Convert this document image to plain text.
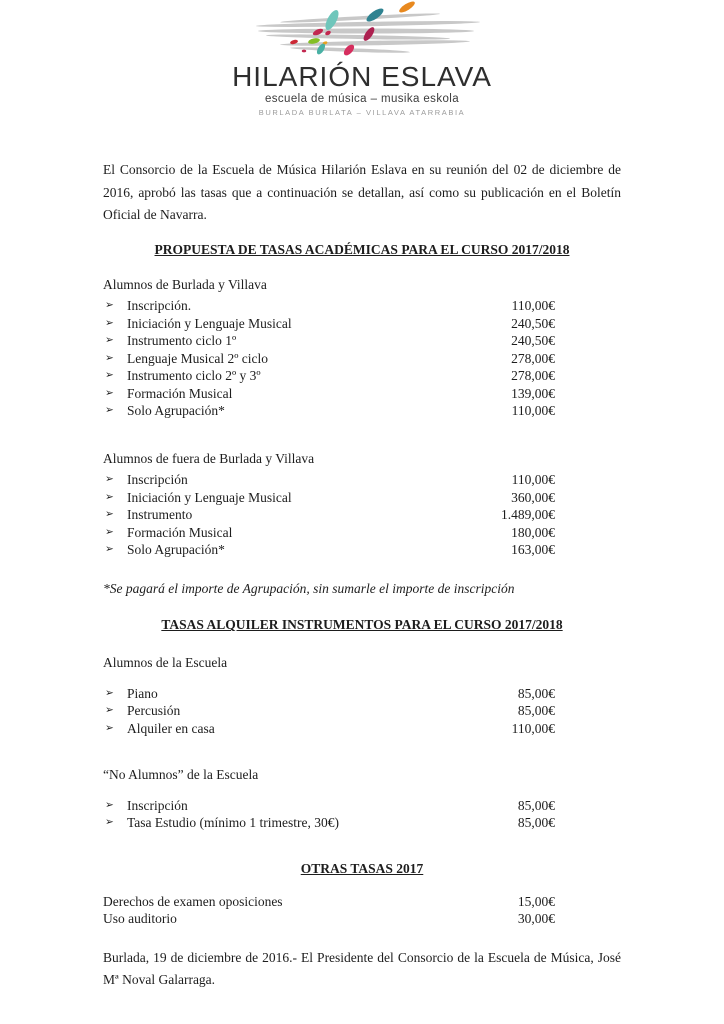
HILARIÓN ESLAVA
escuela de música – musika eskola
BURLADA BURLATA – VILLAVA ATARRABIA

El Consorcio de la Escuela de Música Hilarión Eslava en su reunión del 02 de diciembre de 2016, aprobó las tasas que a continuación se detallan, así como su publicación en el Boletín Oficial de Navarra.

PROPUESTA DE TASAS ACADÉMICAS PARA EL CURSO 2017/2018
Alumnos de Burlada y Villava
➢ Inscripción.	110,00€
➢ Iniciación y Lenguaje Musical	240,50€
➢ Instrumento ciclo 1º	240,50€
➢ Lenguaje Musical 2º ciclo	278,00€
➢ Instrumento ciclo 2º y 3º	278,00€
➢ Formación Musical	139,00€
➢ Solo Agrupación*	110,00€
Alumnos de fuera de Burlada y Villava
➢ Inscripción	110,00€
➢ Iniciación y Lenguaje Musical	360,00€
➢ Instrumento	1.489,00€
➢ Formación Musical	180,00€
➢ Solo Agrupación*	163,00€

*Se pagará el importe de Agrupación, sin sumarle el importe de inscripción

TASAS ALQUILER INSTRUMENTOS PARA EL CURSO 2017/2018
Alumnos de la Escuela
➢ Piano	85,00€
➢ Percusión	85,00€
➢ Alquiler en casa	110,00€
“No Alumnos” de la Escuela
➢ Inscripción	85,00€
➢ Tasa Estudio (mínimo 1 trimestre, 30€)	85,00€
OTRAS TASAS 2017
Derechos de examen oposiciones	15,00€
Uso auditorio	30,00€

Burlada, 19 de diciembre de 2016.- El Presidente del Consorcio de la Escuela de Música, José Mª Noval Galarraga.
